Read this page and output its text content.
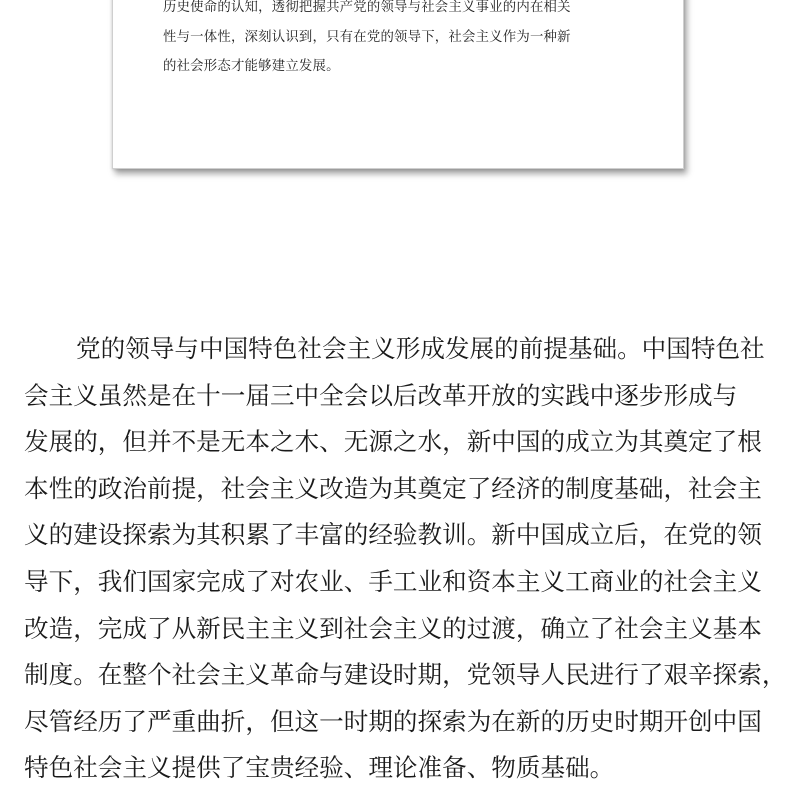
历史使命的认知，透彻把握共产党的领导与社会主义事业的内在相关
性与一体性，深刻认识到，只有在党的领导下，社会主义作为一种新
的社会形态才能够建立发展。

党的领导与中国特色社会主义形成发展的前提基础。中国特色社
会主义虽然是在十一届三中全会以后改革开放的实践中逐步形成与
发展的，但并不是无本之木、无源之水，新中国的成立为其奠定了根
本性的政治前提，社会主义改造为其奠定了经济的制度基础，社会主
义的建设探索为其积累了丰富的经验教训。新中国成立后，在党的领
导下，我们国家完成了对农业、手工业和资本主义工商业的社会主义
改造，完成了从新民主主义到社会主义的过渡，确立了社会主义基本
制度。在整个社会主义革命与建设时期，党领导人民进行了艰辛探索，
尽管经历了严重曲折，但这一时期的探索为在新的历史时期开创中国
特色社会主义提供了宝贵经验、理论准备、物质基础。
